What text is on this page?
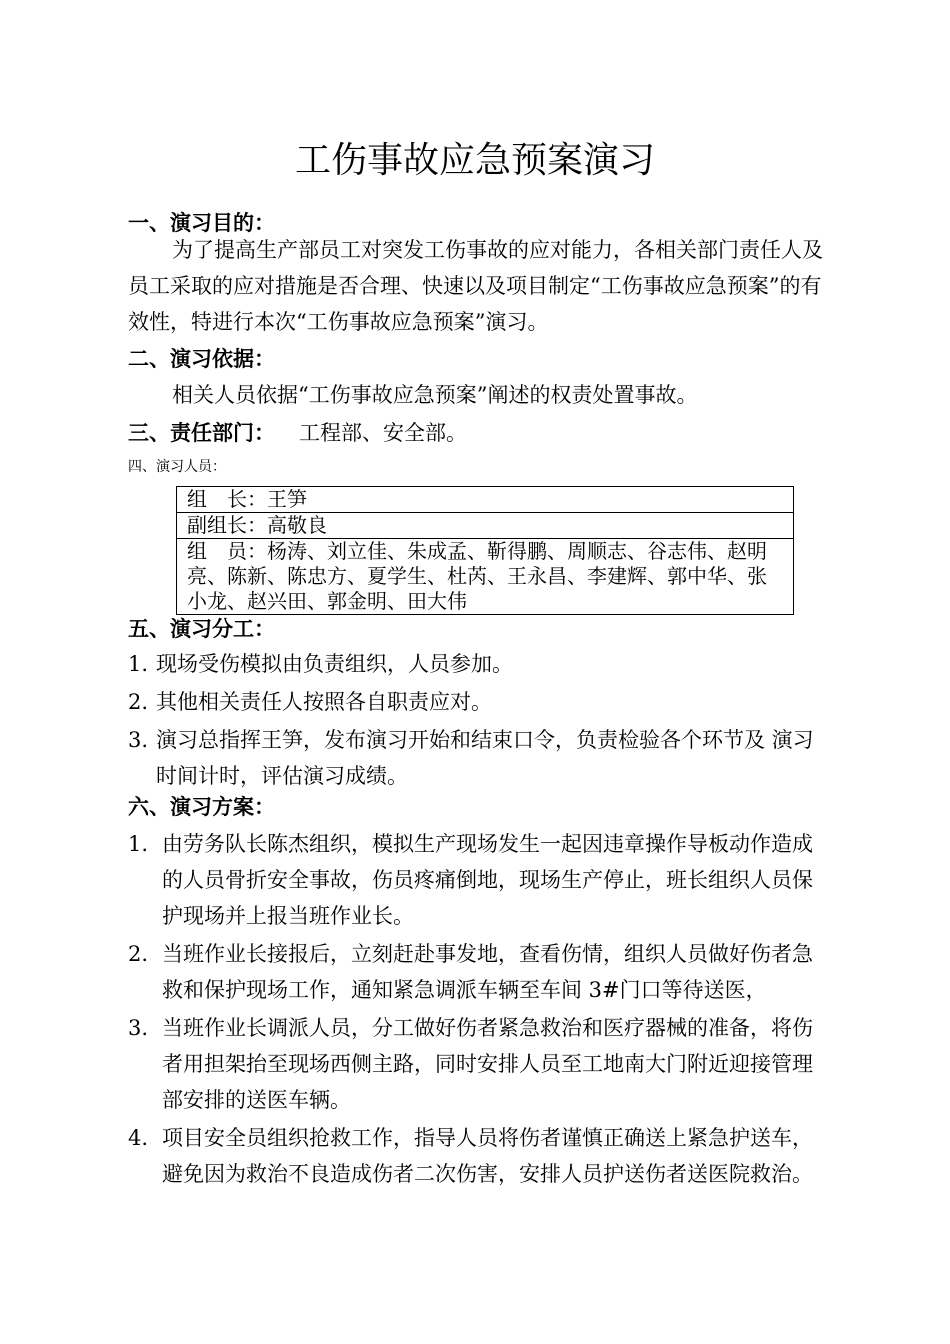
工伤事故应急预案演习
一、演习目的：

为了提高生产部员工对突发工伤事故的应对能力，各相关部门责任人及员工采取的应对措施是否合理、快速以及项目制定“工伤事故应急预案”的有效性，特进行本次“工伤事故应急预案”演习。

二、演习依据：

相关人员依据“工伤事故应急预案”阐述的权责处置事故。

三、责任部门： 工程部、安全部。
四、演习人员：
组　长：王笋
副组长：高敬良
组　员：杨涛、刘立佳、朱成孟、靳得鹏、周顺志、谷志伟、赵明亮、陈新、陈忠方、夏学生、杜芮、王永昌、李建辉、郭中华、张小龙、赵兴田、郭金明、田大伟
五、演习分工：
1. 现场受伤模拟由负责组织，人员参加。
2. 其他相关责任人按照各自职责应对。
3. 演习总指挥王笋，发布演习开始和结束口令，负责检验各个环节及 演习时间计时，评估演习成绩。
六、演习方案：
1. 由劳务队长陈杰组织，模拟生产现场发生一起因违章操作导板动作造成的人员骨折安全事故，伤员疼痛倒地，现场生产停止，班长组织人员保护现场并上报当班作业长。
2. 当班作业长接报后，立刻赶赴事发地，查看伤情，组织人员做好伤者急救和保护现场工作，通知紧急调派车辆至车间 3#门口等待送医，
3. 当班作业长调派人员，分工做好伤者紧急救治和医疗器械的准备，将伤者用担架抬至现场西侧主路，同时安排人员至工地南大门附近迎接管理部安排的送医车辆。
4. 项目安全员组织抢救工作，指导人员将伤者谨慎正确送上紧急护送车，避免因为救治不良造成伤者二次伤害，安排人员护送伤者送医院救治。
